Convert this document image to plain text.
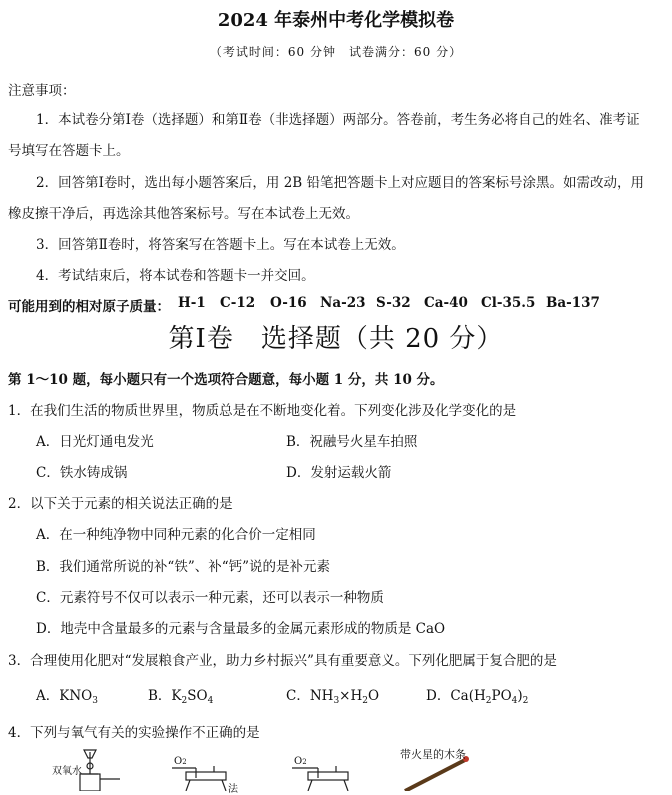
2024 年泰州中考化学模拟卷
（考试时间：60 分钟　试卷满分：60 分）
注意事项：
1．本试卷分第Ⅰ卷（选择题）和第Ⅱ卷（非选择题）两部分。答卷前，考生务必将自己的姓名、准考证
号填写在答题卡上。
2．回答第Ⅰ卷时，选出每小题答案后，用 2B 铅笔把答题卡上对应题目的答案标号涂黑。如需改动，用
橡皮擦干净后，再选涂其他答案标号。写在本试卷上无效。
3．回答第Ⅱ卷时，将答案写在答题卡上。写在本试卷上无效。
4．考试结束后，将本试卷和答题卡一并交回。
可能用到的相对原子质量： H-1 C-12 O-16 Na-23 S-32 Ca-40 Cl-35.5 Ba-137
第Ⅰ卷　选择题（共 20 分）
第 1～10 题，每小题只有一个选项符合题意，每小题 1 分，共 10 分。
1．在我们生活的物质世界里，物质总是在不断地变化着。下列变化涉及化学变化的是
A．日光灯通电发光	B．祝融号火星车拍照
C．铁水铸成锅	D．发射运载火箭
2．以下关于元素的相关说法正确的是
A．在一种纯净物中同种元素的化合价一定相同
B．我们通常所说的补“铁”、补“钙”说的是补元素
C．元素符号不仅可以表示一种元素，还可以表示一种物质
D．地壳中含量最多的元素与含量最多的金属元素形成的物质是 CaO
3．合理使用化肥对“发展粮食产业，助力乡村振兴”具有重要意义。下列化肥属于复合肥的是
A．$KNO_3$	B．$K_2SO_4$	C．$NH_3\times H_2O$	D．$Ca(H_2PO_4)_2$
4．下列与氧气有关的实验操作不正确的是
双氧水
O2
法
O2
带火星的木条
